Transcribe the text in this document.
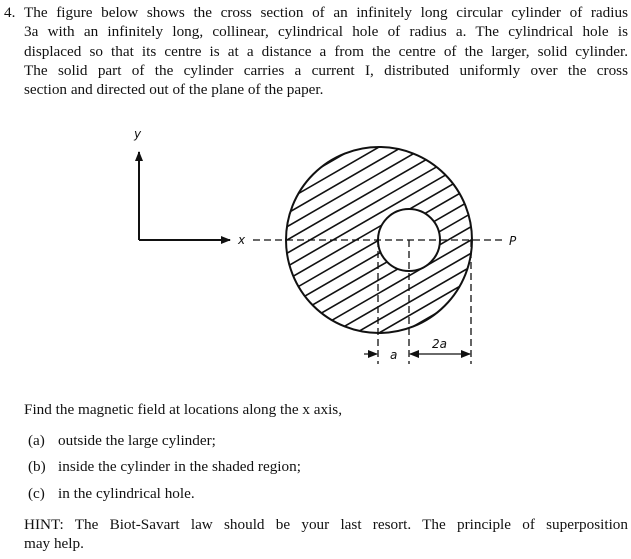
4. The figure below shows the cross section of an infinitely long circular cylinder of radius
3a with an infinitely long, collinear, cylindrical hole of radius a. The cylindrical hole is
displaced so that its centre is at a distance a from the centre of the larger, solid cylinder.
The solid part of the cylinder carries a current I, distributed uniformly over the cross
section and directed out of the plane of the paper.
a
2a
y
x	P
Find the magnetic field at locations along the x axis,
(a) outside the large cylinder;
(b) inside the cylinder in the shaded region;
(c) in the cylindrical hole.
HINT: The Biot-Savart law should be your last resort. The principle of superposition
may help.
